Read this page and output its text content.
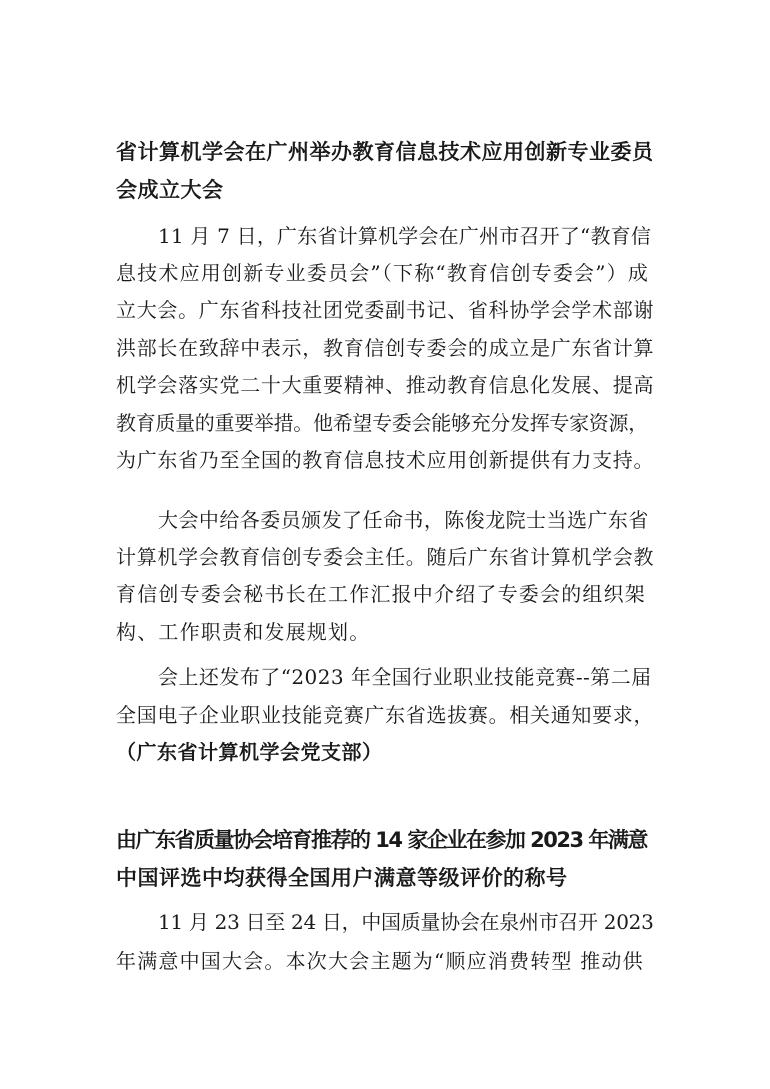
省计算机学会在广州举办教育信息技术应用创新专业委员

会成立大会

11 月 7 日，广东省计算机学会在广州市召开了“教育信

息技术应用创新专业委员会”（下称“教育信创专委会”）成

立大会。广东省科技社团党委副书记、省科协学会学术部谢

洪部长在致辞中表示，教育信创专委会的成立是广东省计算

机学会落实党二十大重要精神、推动教育信息化发展、提高

教育质量的重要举措。他希望专委会能够充分发挥专家资源，

为广东省乃至全国的教育信息技术应用创新提供有力支持。

大会中给各委员颁发了任命书，陈俊龙院士当选广东省

计算机学会教育信创专委会主任。随后广东省计算机学会教

育信创专委会秘书长在工作汇报中介绍了专委会的组织架

构、工作职责和发展规划。

会上还发布了“2023 年全国行业职业技能竞赛--第二届

全国电子企业职业技能竞赛广东省选拔赛。相关通知要求，

（广东省计算机学会党支部）

由广东省质量协会培育推荐的 14 家企业在参加 2023 年满意

中国评选中均获得全国用户满意等级评价的称号

11 月 23 日至 24 日，中国质量协会在泉州市召开 2023

年满意中国大会。本次大会主题为“顺应消费转型 推动供
